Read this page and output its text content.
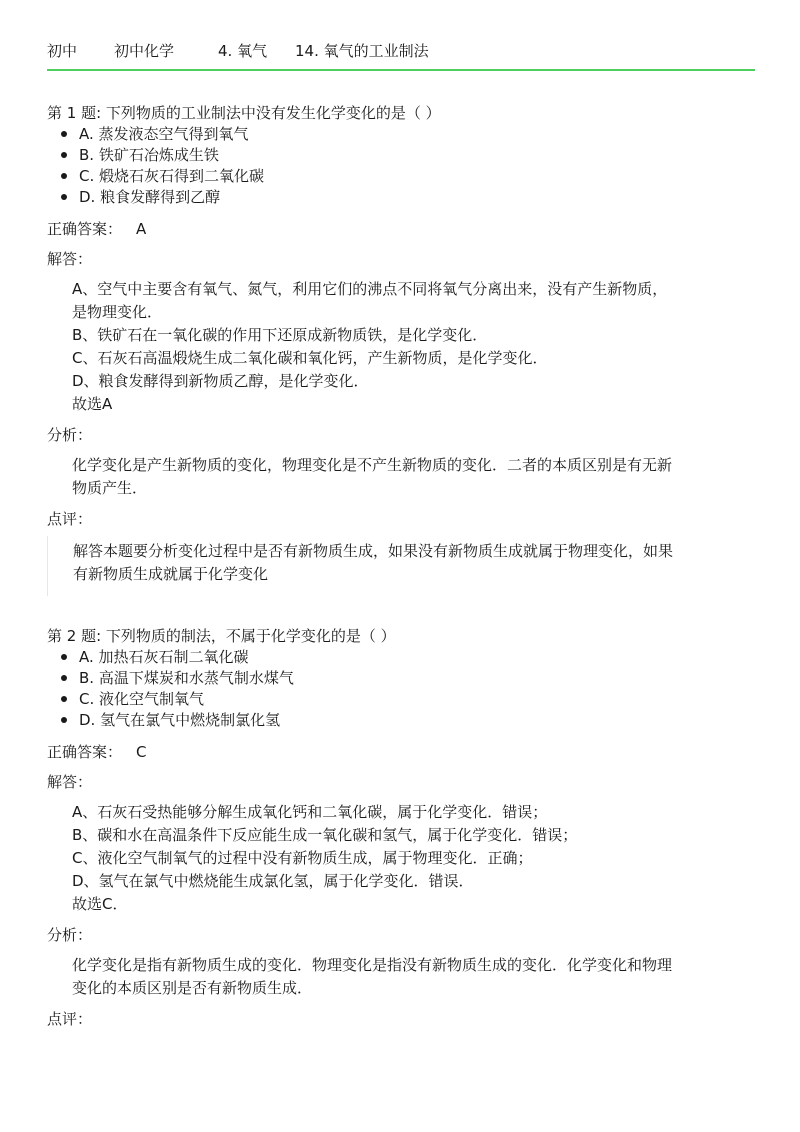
初中 初中化学	4. 氧气 14. 氧气的工业制法

第 1 题: 下列物质的工业制法中没有发生化学变化的是（ ）

A. 蒸发液态空气得到氧气
B. 铁矿石冶炼成生铁
C. 煅烧石灰石得到二氧化碳
D. 粮食发酵得到乙醇
正确答案： A
解答：

A、空气中主要含有氧气、氮气，利用它们的沸点不同将氧气分离出来，没有产生新物质，

是物理变化．

B、铁矿石在一氧化碳的作用下还原成新物质铁，是化学变化．

C、石灰石高温煅烧生成二氧化碳和氧化钙，产生新物质，是化学变化．

D、粮食发酵得到新物质乙醇，是化学变化．

故选A

分析：

化学变化是产生新物质的变化，物理变化是不产生新物质的变化．二者的本质区别是有无新

物质产生．

点评：

解答本题要分析变化过程中是否有新物质生成，如果没有新物质生成就属于物理变化，如果

有新物质生成就属于化学变化

第 2 题: 下列物质的制法，不属于化学变化的是（ ）

A. 加热石灰石制二氧化碳
B. 高温下煤炭和水蒸气制水煤气
C. 液化空气制氧气
D. 氢气在氯气中燃烧制氯化氢
正确答案： C
解答：

A、石灰石受热能够分解生成氧化钙和二氧化碳，属于化学变化．错误；

B、碳和水在高温条件下反应能生成一氧化碳和氢气，属于化学变化．错误；

C、液化空气制氧气的过程中没有新物质生成，属于物理变化．正确；

D、氢气在氯气中燃烧能生成氯化氢，属于化学变化．错误．

故选C．

分析：

化学变化是指有新物质生成的变化．物理变化是指没有新物质生成的变化．化学变化和物理

变化的本质区别是否有新物质生成．

点评：
